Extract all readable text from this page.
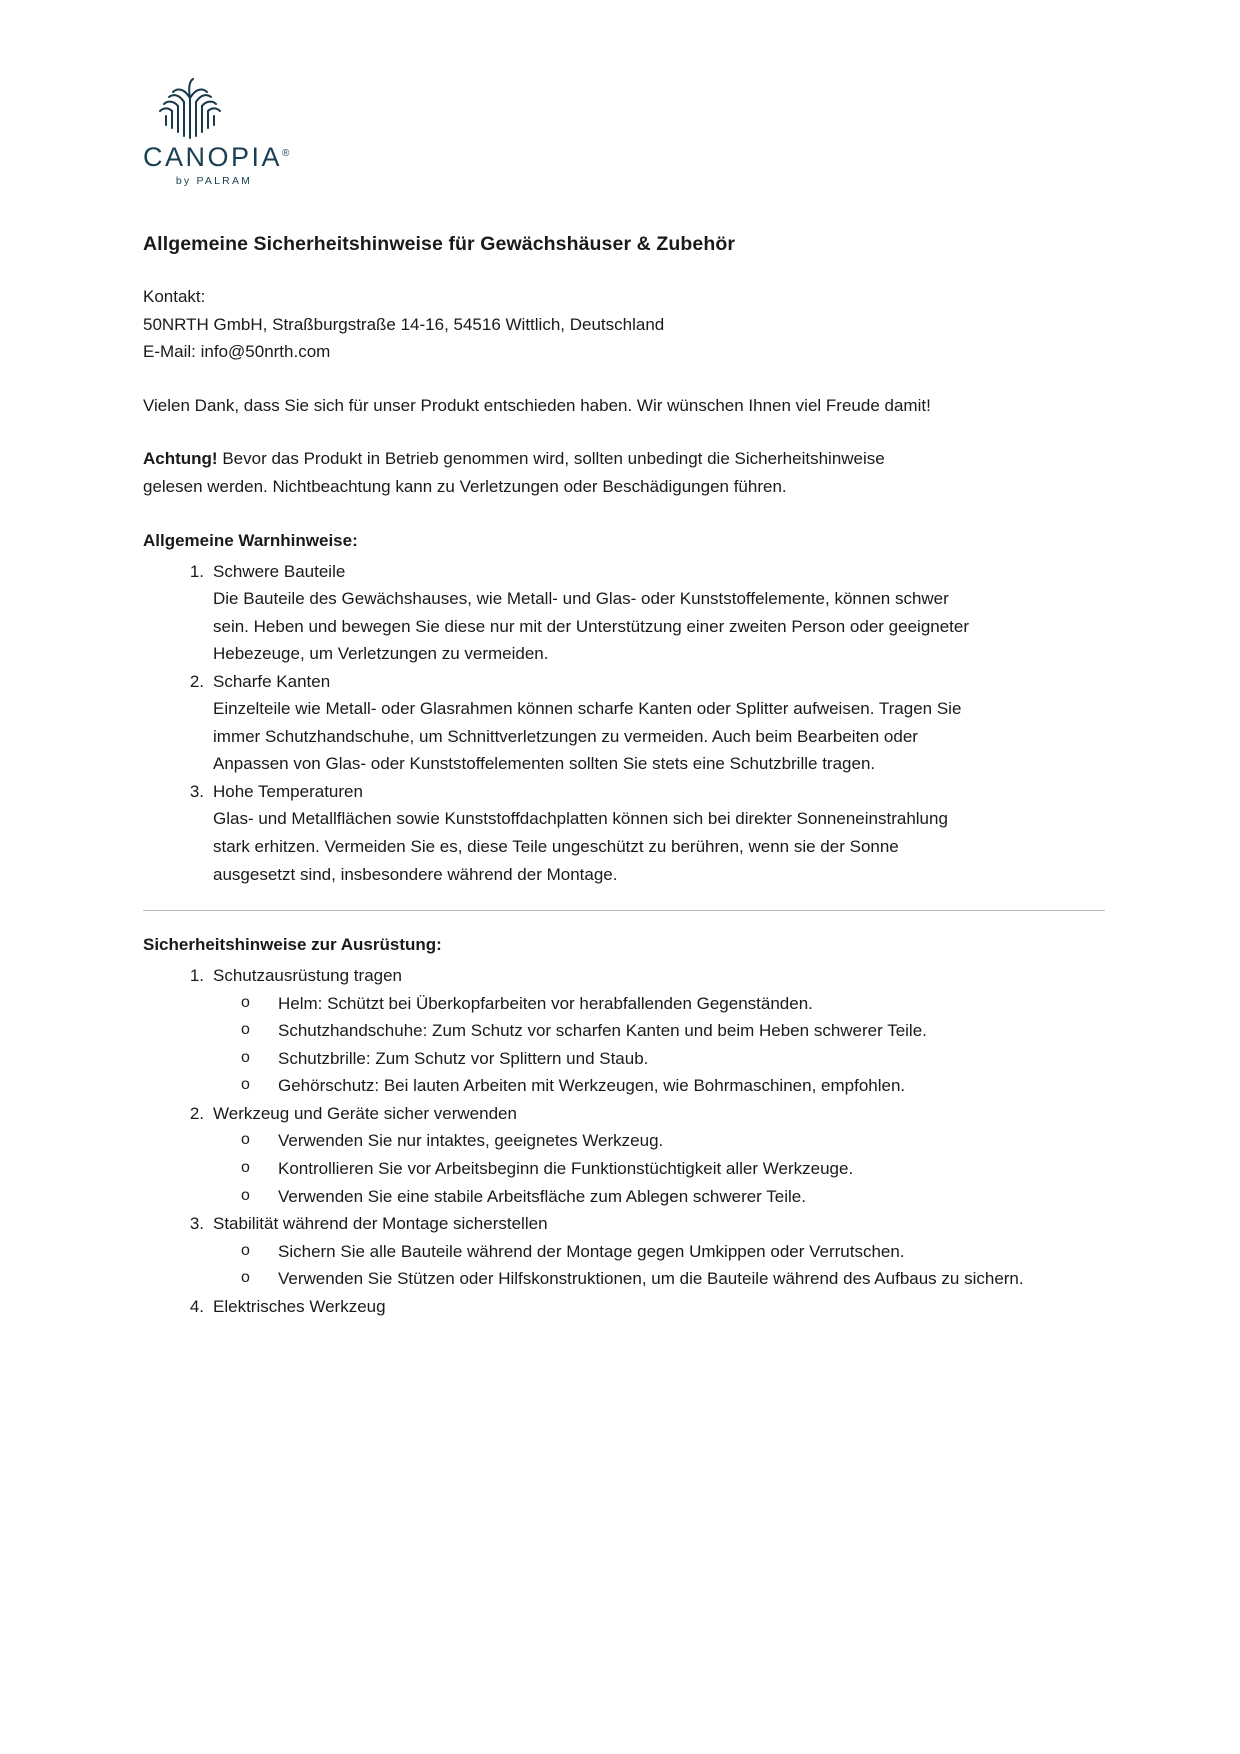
CANOPIA®
by PALRAM
Allgemeine Sicherheitshinweise für Gewächshäuser & Zubehör
Kontakt:
50NRTH GmbH, Straßburgstraße 14-16, 54516 Wittlich, Deutschland
E-Mail: info@50nrth.com

Vielen Dank, dass Sie sich für unser Produkt entschieden haben. Wir wünschen Ihnen viel Freude damit!

Achtung! Bevor das Produkt in Betrieb genommen wird, sollten unbedingt die Sicherheitshinweise gelesen werden. Nichtbeachtung kann zu Verletzungen oder Beschädigungen führen.

Allgemeine Warnhinweise:
1. Schwere Bauteile
Die Bauteile des Gewächshauses, wie Metall- und Glas- oder Kunststoffelemente, können schwer sein. Heben und bewegen Sie diese nur mit der Unterstützung einer zweiten Person oder geeigneter Hebezeuge, um Verletzungen zu vermeiden.
2. Scharfe Kanten
Einzelteile wie Metall- oder Glasrahmen können scharfe Kanten oder Splitter aufweisen. Tragen Sie immer Schutzhandschuhe, um Schnittverletzungen zu vermeiden. Auch beim Bearbeiten oder Anpassen von Glas- oder Kunststoffelementen sollten Sie stets eine Schutzbrille tragen.
3. Hohe Temperaturen
Glas- und Metallflächen sowie Kunststoffdachplatten können sich bei direkter Sonneneinstrahlung stark erhitzen. Vermeiden Sie es, diese Teile ungeschützt zu berühren, wenn sie der Sonne ausgesetzt sind, insbesondere während der Montage.
Sicherheitshinweise zur Ausrüstung:
1. Schutzausrüstung tragen
o Helm: Schützt bei Überkopfarbeiten vor herabfallenden Gegenständen.
o Schutzhandschuhe: Zum Schutz vor scharfen Kanten und beim Heben schwerer Teile.
o Schutzbrille: Zum Schutz vor Splittern und Staub.
o Gehörschutz: Bei lauten Arbeiten mit Werkzeugen, wie Bohrmaschinen, empfohlen.
2. Werkzeug und Geräte sicher verwenden
o Verwenden Sie nur intaktes, geeignetes Werkzeug.
o Kontrollieren Sie vor Arbeitsbeginn die Funktionstüchtigkeit aller Werkzeuge.
o Verwenden Sie eine stabile Arbeitsfläche zum Ablegen schwerer Teile.
3. Stabilität während der Montage sicherstellen
o Sichern Sie alle Bauteile während der Montage gegen Umkippen oder Verrutschen.
o Verwenden Sie Stützen oder Hilfskonstruktionen, um die Bauteile während des Aufbaus zu sichern.
4. Elektrisches Werkzeug
